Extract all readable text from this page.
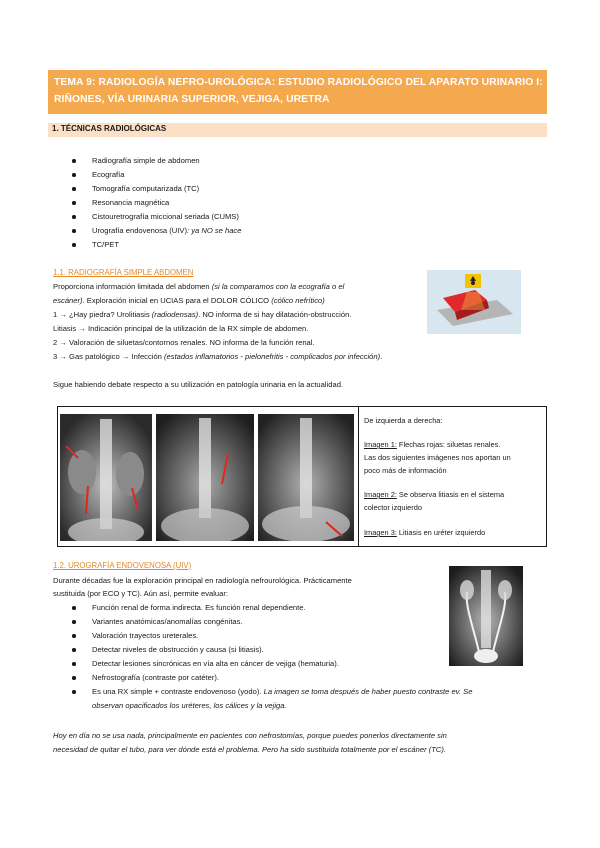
TEMA 9: RADIOLOGÍA NEFRO-UROLÓGICA: ESTUDIO RADIOLÓGICO DEL APARATO URINARIO I:
RIÑONES, VÍA URINARIA SUPERIOR, VEJIGA, URETRA
1. TÉCNICAS RADIOLÓGICAS
Radiografía simple de abdomen
Ecografía
Tomografía computarizada (TC)
Resonancia magnética
Cistouretrografía miccional seriada (CUMS)
Urografía endovenosa (UIV): ya NO se hace
TC/PET
1.1. RADIOGRAFÍA SIMPLE ABDOMEN
Proporciona información limitada del abdomen (si la comparamos con la ecografía o el
escáner). Exploración inicial en UCIAS para el DOLOR CÓLICO (cólico nefrítico)
1 → ¿Hay piedra? Urolitiasis (radiodensas). NO informa de si hay dilatación-obstrucción.
Litiasis → Indicación principal de la utilización de la RX simple de abdomen.
2 → Valoración de siluetas/contornos renales. NO informa de la función renal.
3 → Gas patológico → Infección (estados inflamatorios - pielonefritis - complicados por infección).
Sigue habiendo debate respecto a su utilización en patología urinaria en la actualidad.
De izquierda a derecha:
Imagen 1: Flechas rojas: siluetas renales.
Las dos siguientes imágenes nos aportan un
poco más de información
Imagen 2: Se observa litiasis en el sistema
colector izquierdo
Imagen 3: Litiasis en uréter izquierdo
1.2. UROGRAFÍA ENDOVENOSA (UIV)
Durante décadas fue la exploración principal en radiología nefrourológica. Prácticamente
sustituida (por ECO y TC). Aún así, permite evaluar:
Función renal de forma indirecta. Es función renal dependiente.
Variantes anatómicas/anomalías congénitas.
Valoración trayectos ureterales.
Detectar niveles de obstrucción y causa (si litiasis).
Detectar lesiones sincrónicas en vía alta en cáncer de vejiga (hematuria).
Nefrostografía (contraste por catéter).
Es una RX simple + contraste endovenoso (yodo). La imagen se toma después de haber puesto contraste ev. Se
observan opacificados los uréteres, los cálices y la vejiga.
Hoy en día no se usa nada, principalmente en pacientes con nefrostomías, porque puedes ponerlos directamente sin
necesidad de quitar el tubo, para ver dónde está el problema. Pero ha sido sustituida totalmente por el escáner (TC).
